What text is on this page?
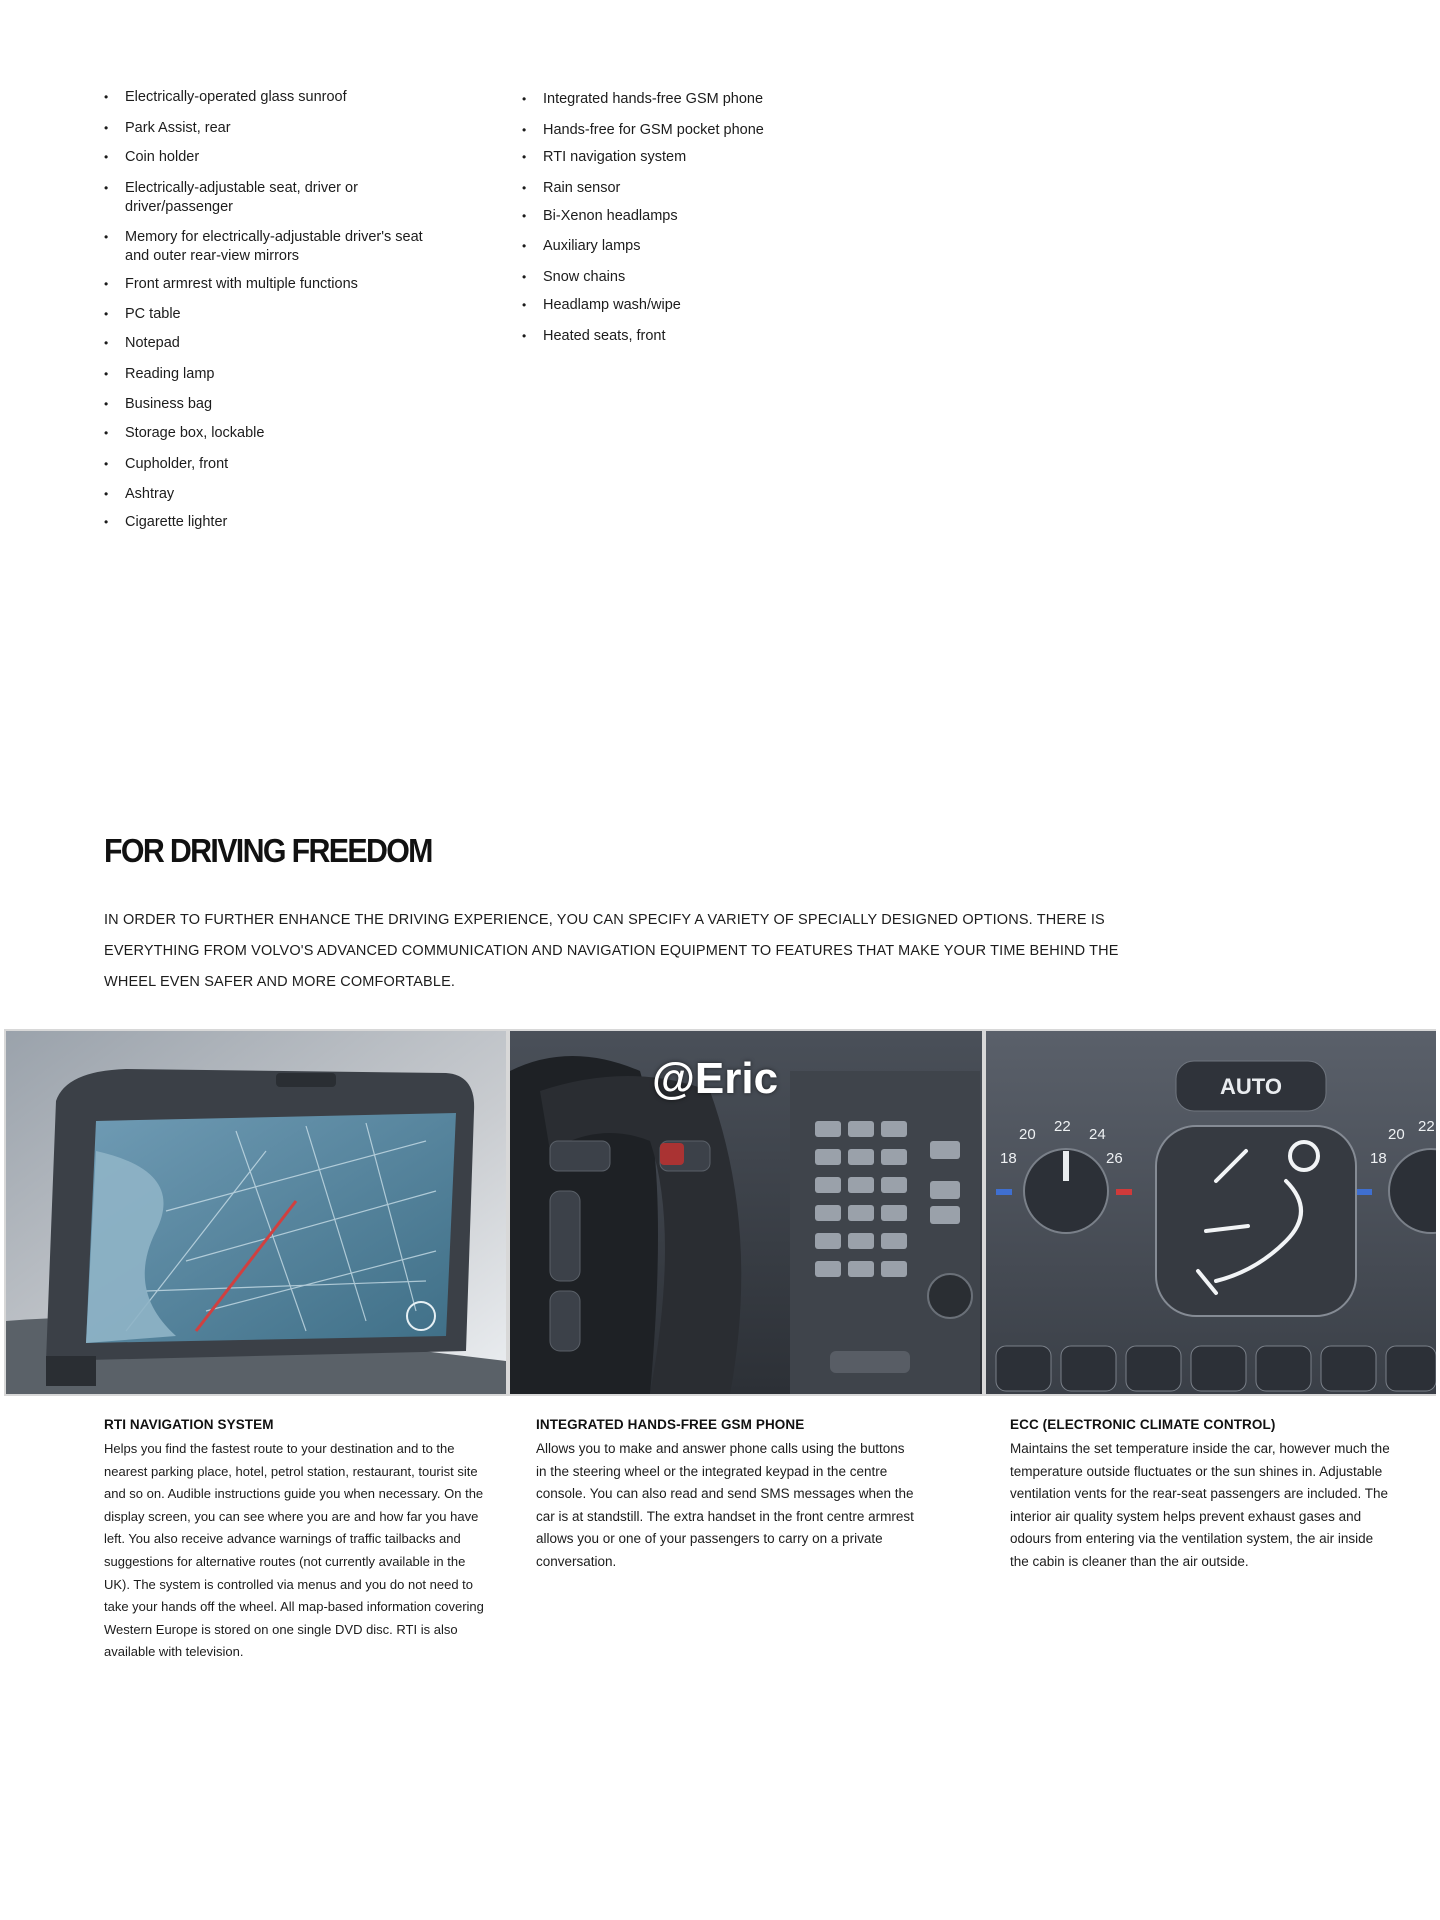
• Electrically-operated glass sunroof
• Park Assist, rear
• Coin holder
• Electrically-adjustable seat, driver or
driver/passenger
• Memory for electrically-adjustable driver's seat
and outer rear-view mirrors
• Front armrest with multiple functions
• PC table
• Notepad
• Reading lamp
• Business bag
• Storage box, lockable
• Cupholder, front
• Ashtray
• Cigarette lighter
• Integrated hands-free GSM phone
• Hands-free for GSM pocket phone
• RTI navigation system
• Rain sensor
• Bi-Xenon headlamps
• Auxiliary lamps
• Snow chains
• Headlamp wash/wipe
• Heated seats, front
FOR DRIVING FREEDOM

IN ORDER TO FURTHER ENHANCE THE DRIVING EXPERIENCE, YOU CAN SPECIFY A VARIETY OF SPECIALLY DESIGNED OPTIONS. THERE IS EVERYTHING FROM VOLVO'S ADVANCED COMMUNICATION AND NAVIGATION EQUIPMENT TO FEATURES THAT MAKE YOUR TIME BEHIND THE WHEEL EVEN SAFER AND MORE COMFORTABLE.

AUTO
18
20 22 24
26	18
20 22
@Eric
RTI NAVIGATION SYSTEM

Helps you find the fastest route to your destination and to the nearest parking place, hotel, petrol station, restaurant, tourist site and so on. Audible instructions guide you when necessary. On the display screen, you can see where you are and how far you have left. You also receive advance warnings of traffic tailbacks and suggestions for alternative routes (not currently available in the UK). The system is controlled via menus and you do not need to take your hands off the wheel. All map-based information covering Western Europe is stored on one single DVD disc. RTI is also available with television.

INTEGRATED HANDS-FREE GSM PHONE

Allows you to make and answer phone calls using the buttons in the steering wheel or the integrated keypad in the centre console. You can also read and send SMS messages when the car is at standstill. The extra handset in the front centre armrest allows you or one of your passengers to carry on a private conversation.

ECC (ELECTRONIC CLIMATE CONTROL)

Maintains the set temperature inside the car, however much the temperature outside fluctuates or the sun shines in. Adjustable ventilation vents for the rear-seat passengers are included. The interior air quality system helps prevent exhaust gases and odours from entering via the ventilation system, the air inside the cabin is cleaner than the air outside.
